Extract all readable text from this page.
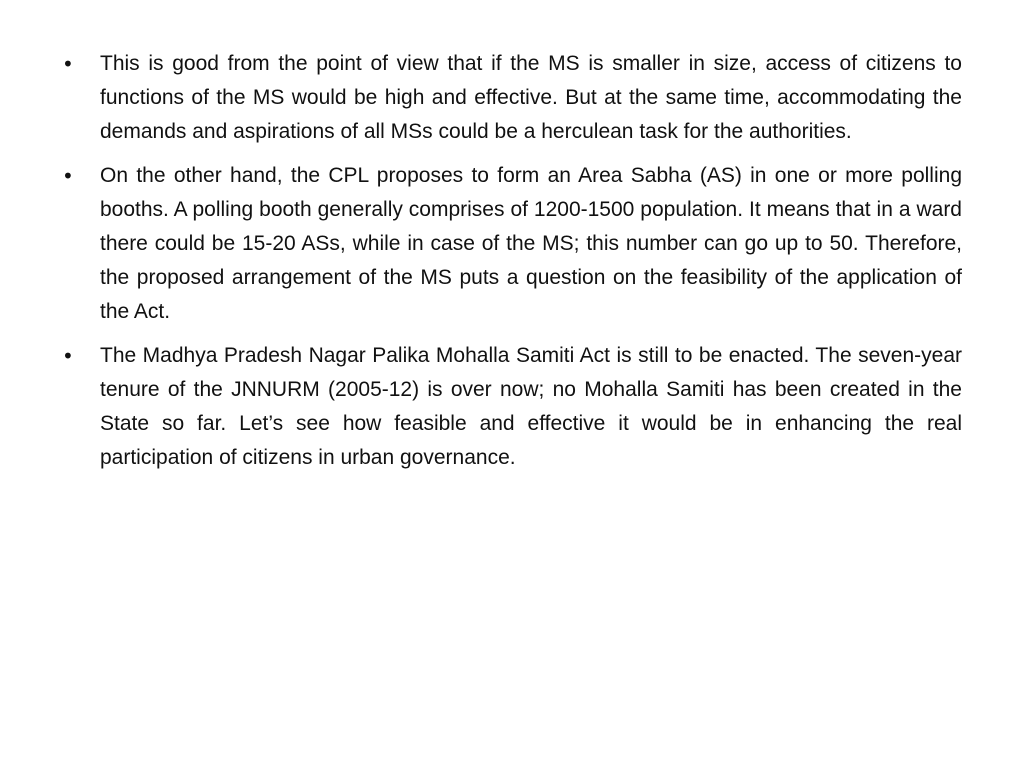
• This is good from the point of view that if the MS is smaller in size, access of citizens to functions of the MS would be high and effective. But at the same time, accommodating the demands and aspirations of all MSs could be a herculean task for the authorities.

• On the other hand, the CPL proposes to form an Area Sabha (AS) in one or more polling booths. A polling booth generally comprises of 1200-1500 population. It means that in a ward there could be 15-20 ASs, while in case of the MS; this number can go up to 50. Therefore, the proposed arrangement of the MS puts a question on the feasibility of the application of the Act.

• The Madhya Pradesh Nagar Palika Mohalla Samiti Act is still to be enacted. The seven-year tenure of the JNNURM (2005-12) is over now; no Mohalla Samiti has been created in the State so far. Let’s see how feasible and effective it would be in enhancing the real participation of citizens in urban governance.
